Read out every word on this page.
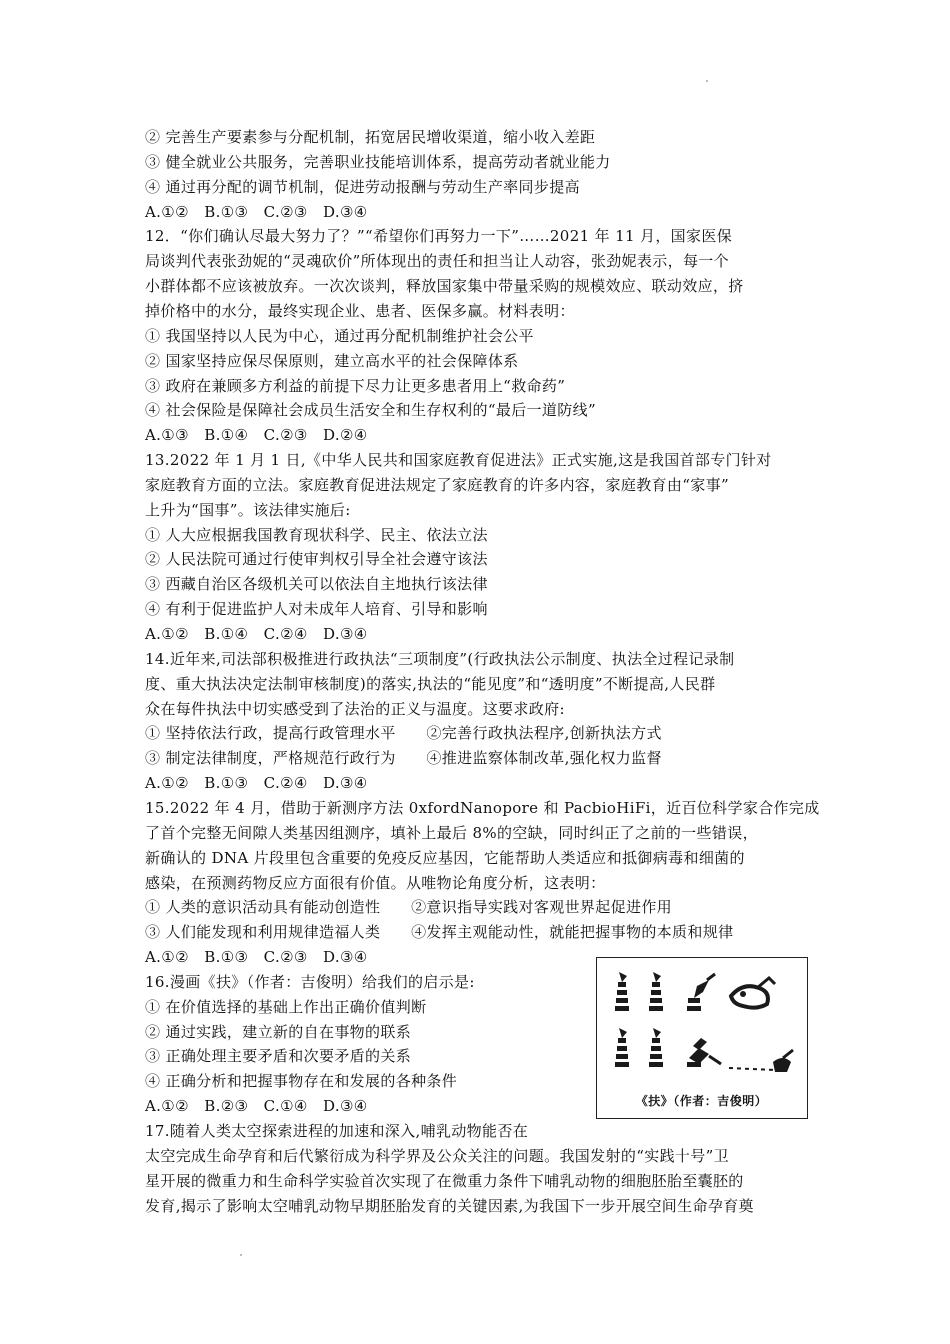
② 完善生产要素参与分配机制，拓宽居民增收渠道，缩小收入差距

③ 健全就业公共服务，完善职业技能培训体系，提高劳动者就业能力

④ 通过再分配的调节机制，促进劳动报酬与劳动生产率同步提高

A.①②　B.①③　C.②③　D.③④

12．“你们确认尽最大努力了？”“希望你们再努力一下”……2021 年 11 月，国家医保

局谈判代表张劲妮的“灵魂砍价”所体现出的责任和担当让人动容，张劲妮表示，每一个

小群体都不应该被放弃。一次次谈判，释放国家集中带量采购的规模效应、联动效应，挤

掉价格中的水分，最终实现企业、患者、医保多赢。材料表明：

① 我国坚持以人民为中心，通过再分配机制维护社会公平

② 国家坚持应保尽保原则，建立高水平的社会保障体系

③ 政府在兼顾多方利益的前提下尽力让更多患者用上“救命药”

④ 社会保险是保障社会成员生活安全和生存权利的“最后一道防线”

A.①③　B.①④　C.②③　D.②④

13.2022 年 1 月 1 日,《中华人民共和国家庭教育促进法》正式实施,这是我国首部专门针对

家庭教育方面的立法。家庭教育促进法规定了家庭教育的许多内容，家庭教育由“家事”

上升为“国事”。该法律实施后:

① 人大应根据我国教育现状科学、民主、依法立法

② 人民法院可通过行使审判权引导全社会遵守该法

③ 西藏自治区各级机关可以依法自主地执行该法律

④ 有利于促进监护人对未成年人培育、引导和影响

A.①②　B.①④　C.②④　D.③④

14.近年来,司法部积极推进行政执法“三项制度”(行政执法公示制度、执法全过程记录制

度、重大执法决定法制审核制度)的落实,执法的“能见度”和“透明度”不断提高,人民群

众在每件执法中切实感受到了法治的正义与温度。这要求政府:

① 坚持依法行政，提高行政管理水平　　②完善行政执法程序,创新执法方式

③ 制定法律制度，严格规范行政行为　　④推进监察体制改革,强化权力监督

A.①②　B.①③　C.②④　D.③④

15.2022 年 4 月，借助于新测序方法 0xfordNanopore 和 PacbioHiFi，近百位科学家合作完成

了首个完整无间隙人类基因组测序，填补上最后 8%的空缺，同时纠正了之前的一些错误，

新确认的 DNA 片段里包含重要的免疫反应基因，它能帮助人类适应和抵御病毒和细菌的

感染，在预测药物反应方面很有价值。从唯物论角度分析，这表明：

① 人类的意识活动具有能动创造性　　②意识指导实践对客观世界起促进作用

③ 人们能发现和利用规律造福人类　　④发挥主观能动性，就能把握事物的本质和规律

A.①②　B.①③　C.②③　D.③④

16.漫画《扶》（作者：吉俊明）给我们的启示是:

① 在价值选择的基础上作出正确价值判断

② 通过实践，建立新的自在事物的联系

③ 正确处理主要矛盾和次要矛盾的关系

④ 正确分析和把握事物存在和发展的各种条件

A.①②　B.②③　C.①④　D.③④

17.随着人类太空探索进程的加速和深入,哺乳动物能否在

太空完成生命孕育和后代繁衍成为科学界及公众关注的问题。我国发射的“实践十号”卫

星开展的微重力和生命科学实验首次实现了在微重力条件下哺乳动物的细胞胚胎至囊胚的

发育,揭示了影响太空哺乳动物早期胚胎发育的关键因素,为我国下一步开展空间生命孕育奠

《扶》（作者：吉俊明）
